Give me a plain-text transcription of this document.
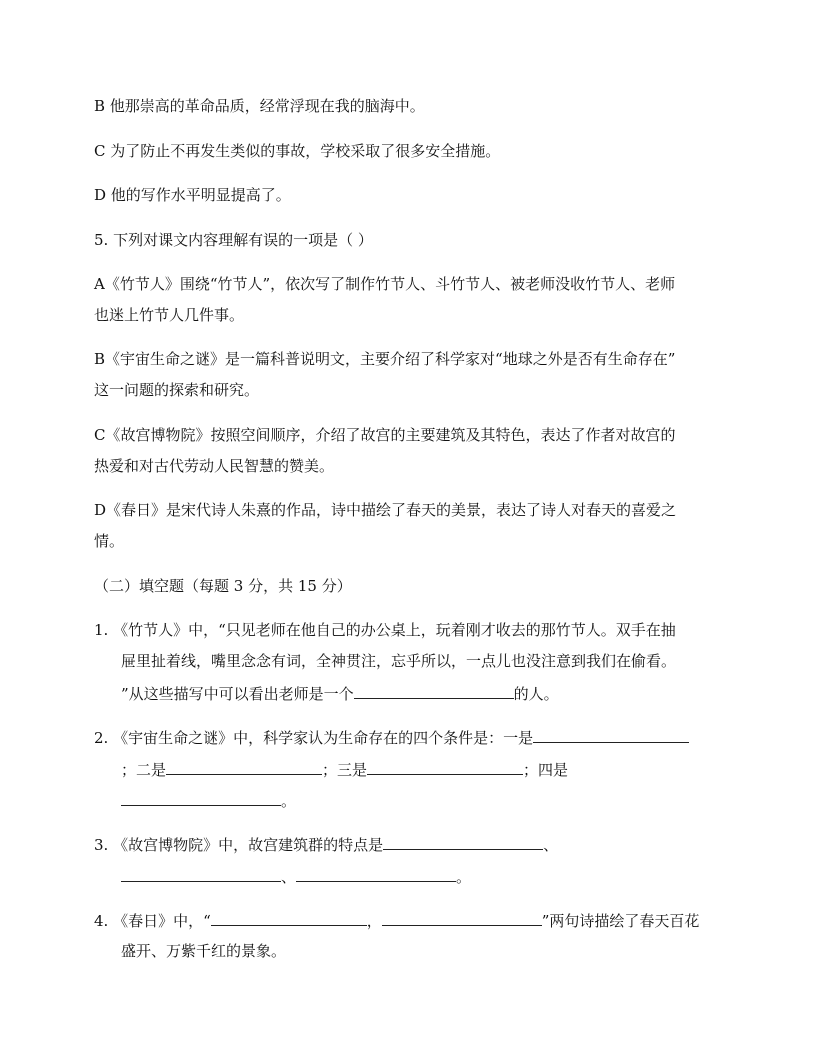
B 他那崇高的革命品质，经常浮现在我的脑海中。
C 为了防止不再发生类似的事故，学校采取了很多安全措施。
D 他的写作水平明显提高了。
5. 下列对课文内容理解有误的一项是（ ）
A《竹节人》围绕“竹节人”，依次写了制作竹节人、斗竹节人、被老师没收竹节人、老师
也迷上竹节人几件事。
B《宇宙生命之谜》是一篇科普说明文，主要介绍了科学家对“地球之外是否有生命存在”
这一问题的探索和研究。
C《故宫博物院》按照空间顺序，介绍了故宫的主要建筑及其特色，表达了作者对故宫的
热爱和对古代劳动人民智慧的赞美。
D《春日》是宋代诗人朱熹的作品，诗中描绘了春天的美景，表达了诗人对春天的喜爱之
情。
（二）填空题（每题 3 分，共 15 分）
1. 《竹节人》中，“只见老师在他自己的办公桌上，玩着刚才收去的那竹节人。双手在抽
屉里扯着线，嘴里念念有词，全神贯注，忘乎所以，一点儿也没注意到我们在偷看。
”从这些描写中可以看出老师是一个	的人。
2. 《宇宙生命之谜》中，科学家认为生命存在的四个条件是：一是
；二是	；三是	；四是
。
3. 《故宫博物院》中，故宫建筑群的特点是	、
、	。
4. 《春日》中，“	，	”两句诗描绘了春天百花
盛开、万紫千红的景象。
